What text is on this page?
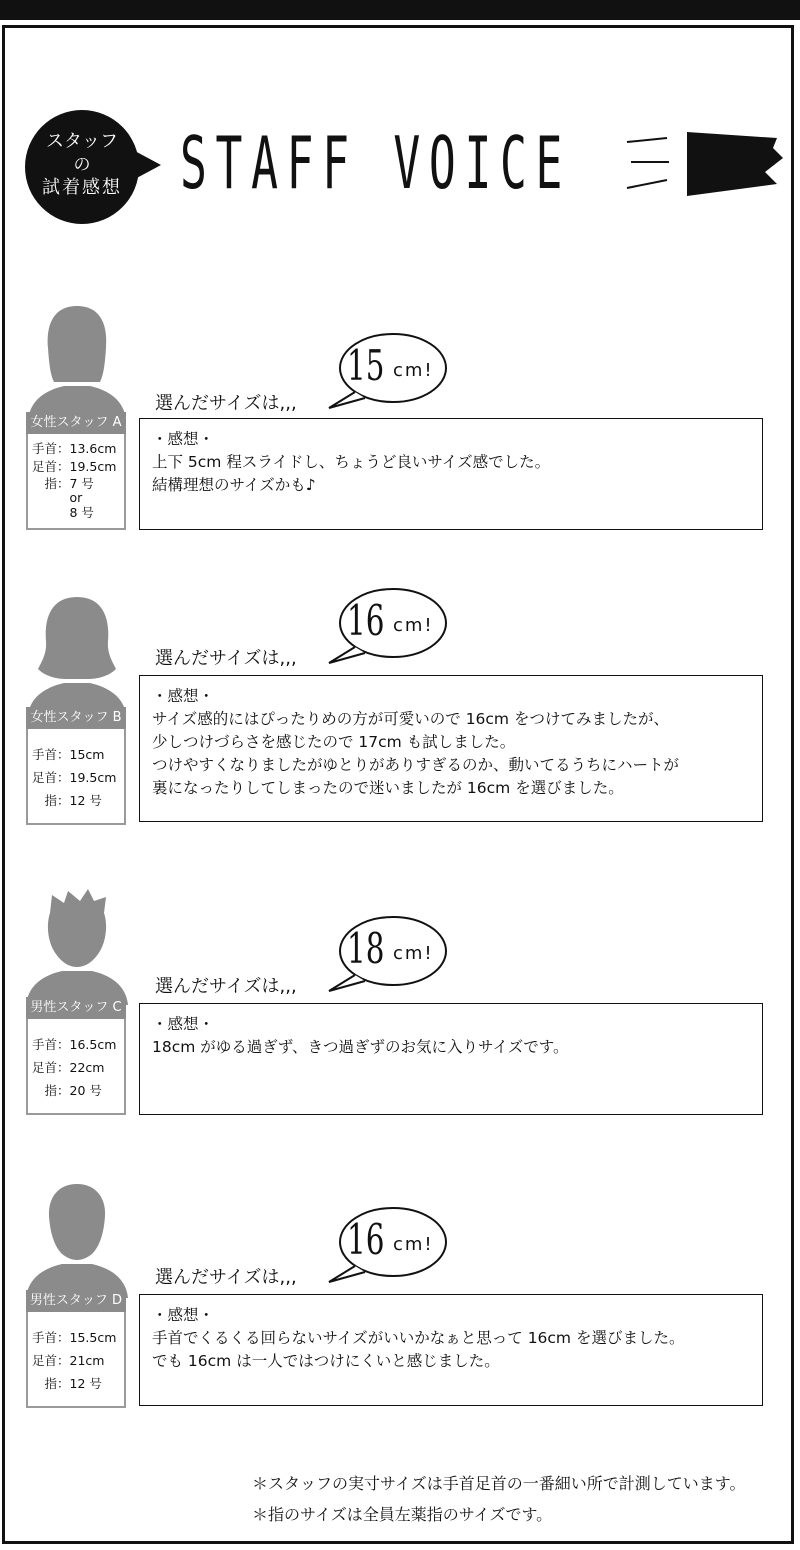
スタッフ
の
試着感想 STAFF VOICE
女性スタッフ A
手首：13.6cm
足首：19.5cm
　指：7 号
　　　or
　　　8 号
選んだサイズは,,,
15 cm!
・感想・
上下 5cm 程スライドし、ちょうど良いサイズ感でした。
結構理想のサイズかも♪
女性スタッフ B
手首：15cm
足首：19.5cm
　指：12 号
選んだサイズは,,,
16 cm!
・感想・
サイズ感的にはぴったりめの方が可愛いので 16cm をつけてみましたが、
少しつけづらさを感じたので 17cm も試しました。
つけやすくなりましたがゆとりがありすぎるのか、動いてるうちにハートが
裏になったりしてしまったので迷いましたが 16cm を選びました。
男性スタッフ C
手首：16.5cm
足首：22cm
　指：20 号
選んだサイズは,,,
18 cm!
・感想・
18cm がゆる過ぎず、きつ過ぎずのお気に入りサイズです。
男性スタッフ D
手首：15.5cm
足首：21cm
　指：12 号
選んだサイズは,,,
16 cm!
・感想・
手首でくるくる回らないサイズがいいかなぁと思って 16cm を選びました。
でも 16cm は一人ではつけにくいと感じました。
＊スタッフの実寸サイズは手首足首の一番細い所で計測しています。
＊指のサイズは全員左薬指のサイズです。
